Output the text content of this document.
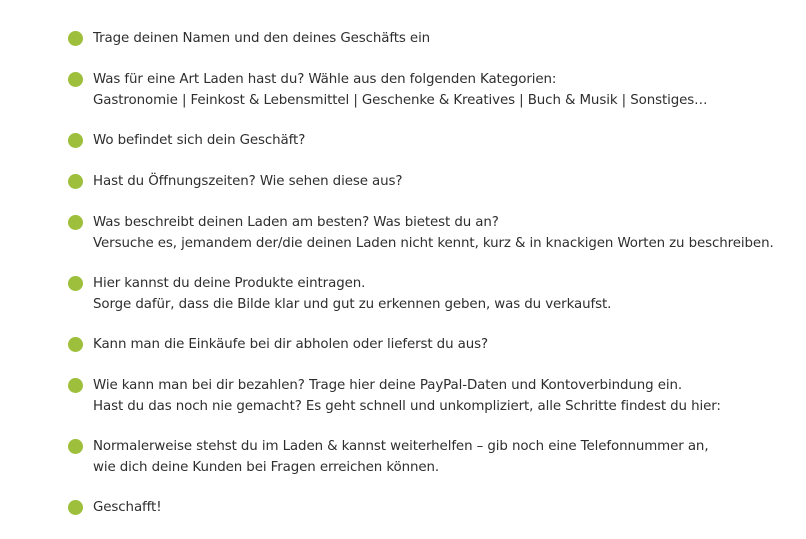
Trage deinen Namen und den deines Geschäfts ein
Was für eine Art Laden hast du? Wähle aus den folgenden Kategorien:
Gastronomie | Feinkost & Lebensmittel | Geschenke & Kreatives | Buch & Musik | Sonstiges…
Wo befindet sich dein Geschäft?
Hast du Öffnungszeiten? Wie sehen diese aus?
Was beschreibt deinen Laden am besten? Was bietest du an?
Versuche es, jemandem der/die deinen Laden nicht kennt, kurz & in knackigen Worten zu beschreiben.
Hier kannst du deine Produkte eintragen.
Sorge dafür, dass die Bilde klar und gut zu erkennen geben, was du verkaufst.
Kann man die Einkäufe bei dir abholen oder lieferst du aus?
Wie kann man bei dir bezahlen? Trage hier deine PayPal-Daten und Kontoverbindung ein.
Hast du das noch nie gemacht? Es geht schnell und unkompliziert, alle Schritte findest du hier:
Normalerweise stehst du im Laden & kannst weiterhelfen – gib noch eine Telefonnummer an,
wie dich deine Kunden bei Fragen erreichen können.
Geschafft!
